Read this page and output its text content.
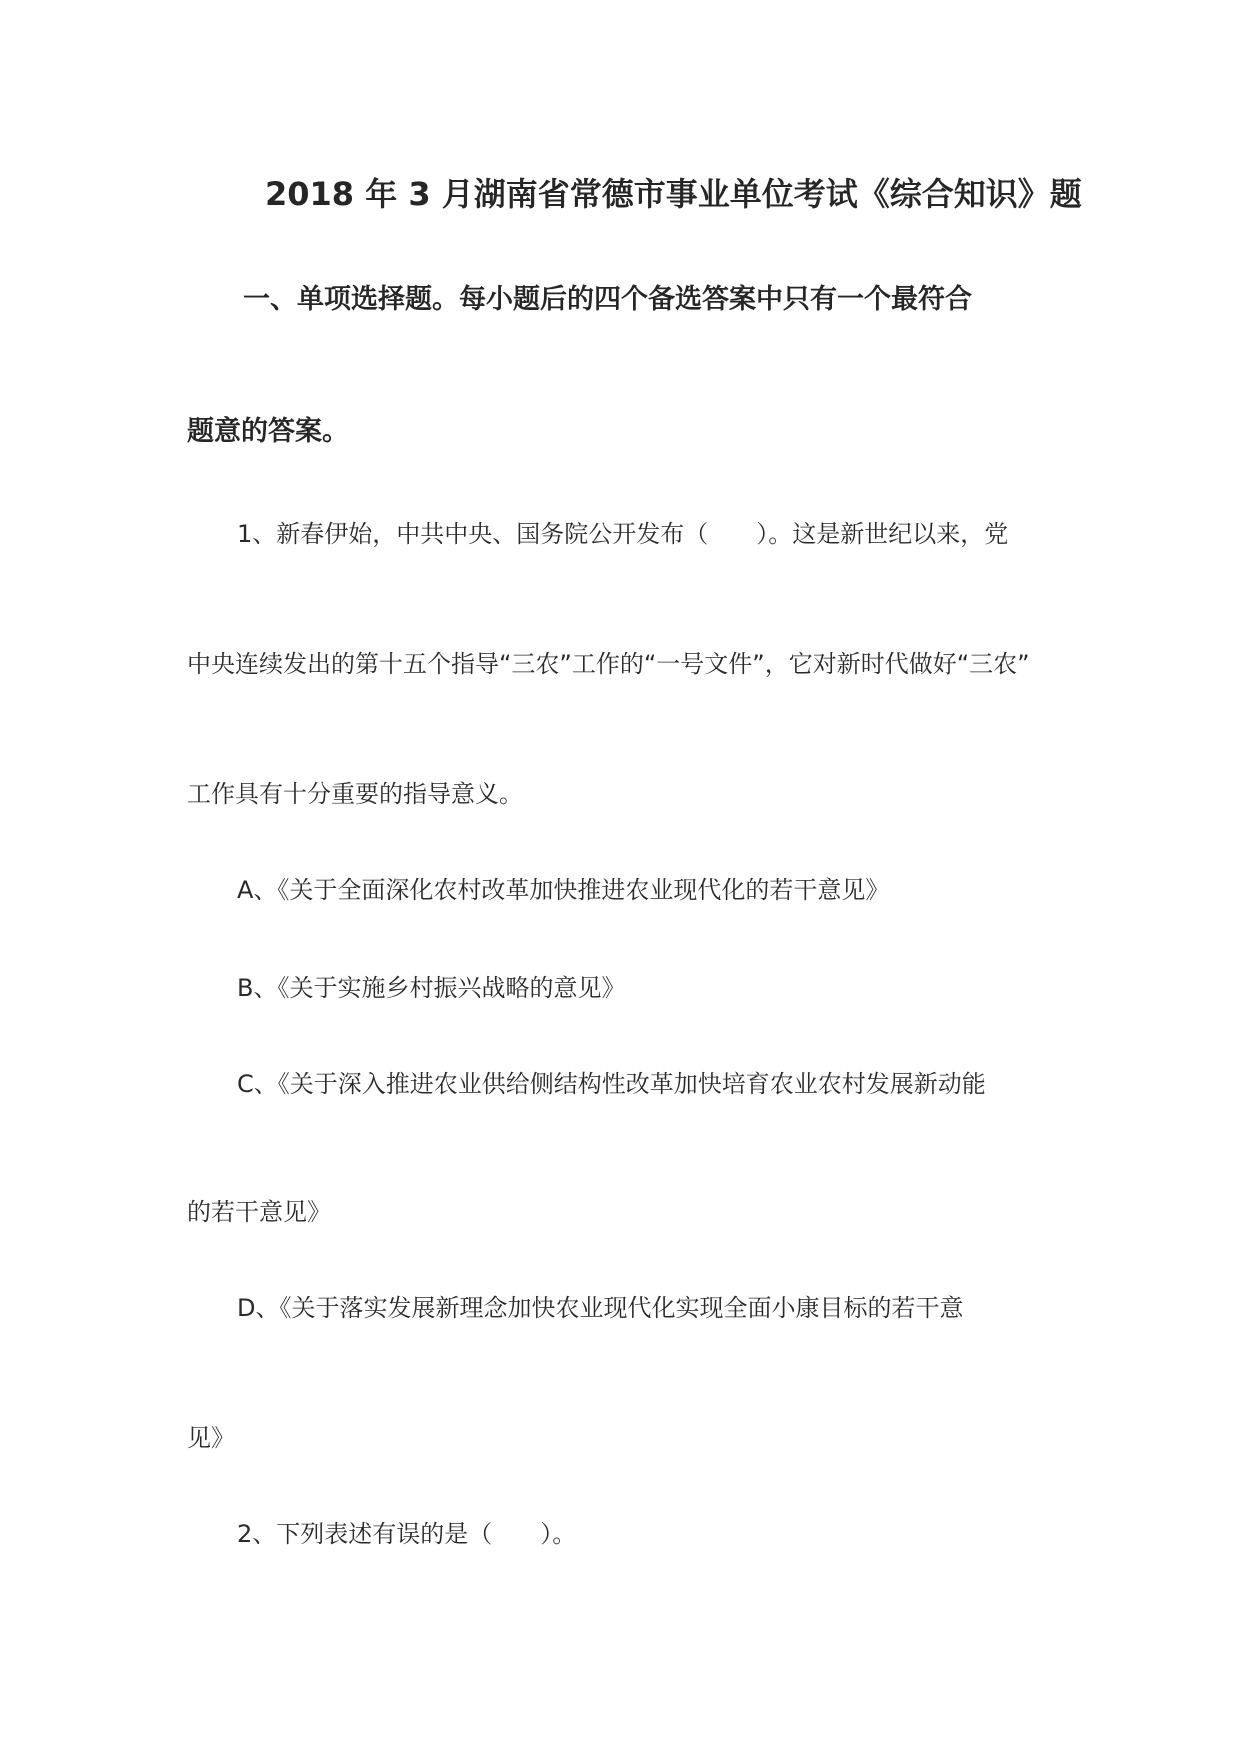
2018 年 3 月湖南省常德市事业单位考试《综合知识》题
一、单项选择题。每小题后的四个备选答案中只有一个最符合
题意的答案。
1、新春伊始，中共中央、国务院公开发布（　　）。这是新世纪以来，党
中央连续发出的第十五个指导“三农”工作的“一号文件”，它对新时代做好“三农”
工作具有十分重要的指导意义。
A、《关于全面深化农村改革加快推进农业现代化的若干意见》
B、《关于实施乡村振兴战略的意见》
C、《关于深入推进农业供给侧结构性改革加快培育农业农村发展新动能
的若干意见》
D、《关于落实发展新理念加快农业现代化实现全面小康目标的若干意
见》
2、下列表述有误的是（　　）。
